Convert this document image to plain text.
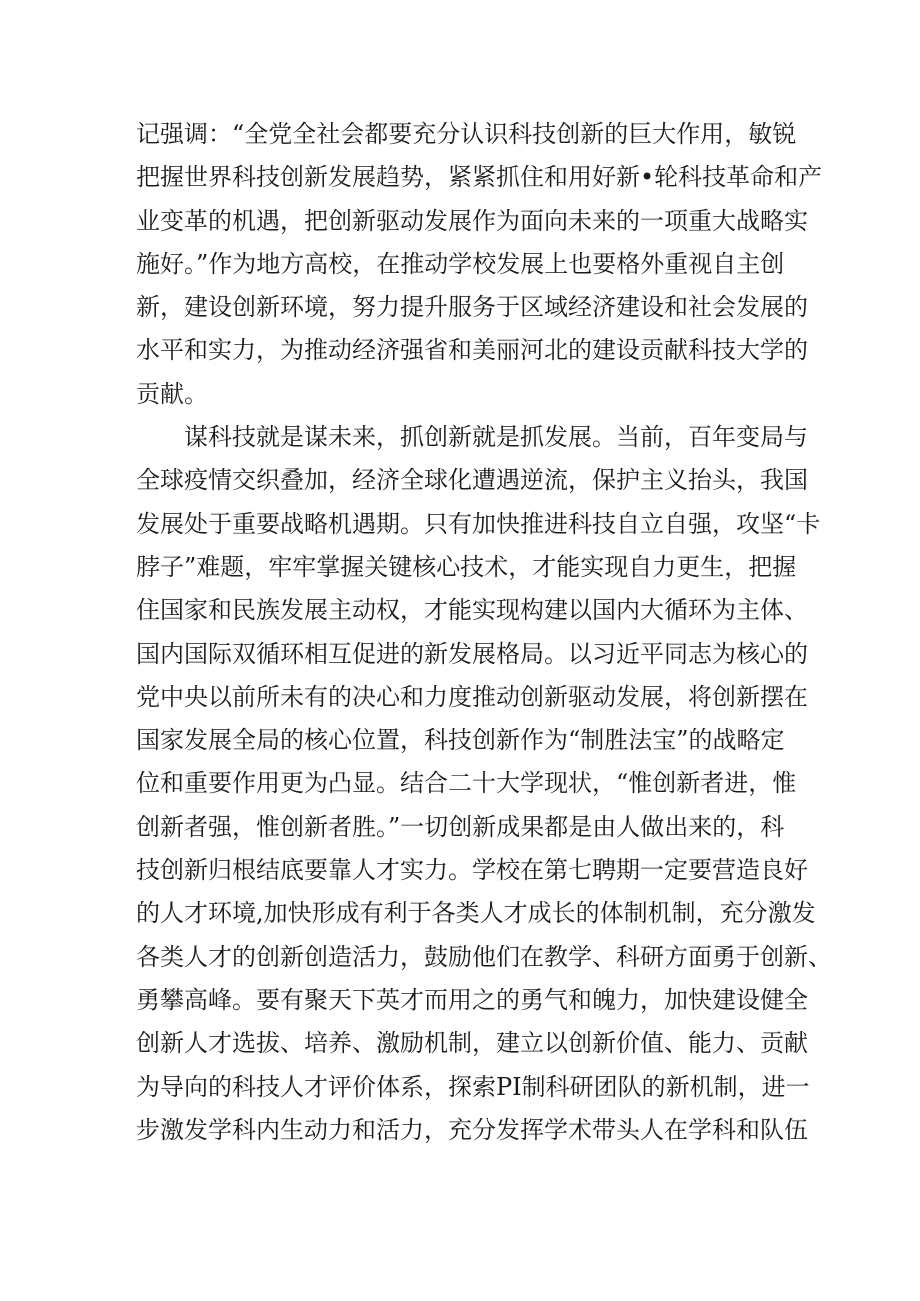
记强调：“全党全社会都要充分认识科技创新的巨大作用，敏锐
把握世界科技创新发展趋势，紧紧抓住和用好新•轮科技革命和产
业变革的机遇，把创新驱动发展作为面向未来的一项重大战略实
施好。”作为地方高校，在推动学校发展上也要格外重视自主创
新，建设创新环境，努力提升服务于区域经济建设和社会发展的
水平和实力，为推动经济强省和美丽河北的建设贡献科技大学的
贡献。
　　谋科技就是谋未来，抓创新就是抓发展。当前，百年变局与
全球疫情交织叠加，经济全球化遭遇逆流，保护主义抬头，我国
发展处于重要战略机遇期。只有加快推进科技自立自强，攻坚“卡
脖子”难题，牢牢掌握关键核心技术，才能实现自力更生，把握
住国家和民族发展主动权，才能实现构建以国内大循环为主体、
国内国际双循环相互促进的新发展格局。以习近平同志为核心的
党中央以前所未有的决心和力度推动创新驱动发展，将创新摆在
国家发展全局的核心位置，科技创新作为“制胜法宝”的战略定
位和重要作用更为凸显。结合二十大学现状，“惟创新者进，惟
创新者强，惟创新者胜。”一切创新成果都是由人做出来的，科
技创新归根结底要靠人才实力。学校在第七聘期一定要营造良好
的人才环境,加快形成有利于各类人才成长的体制机制，充分激发
各类人才的创新创造活力，鼓励他们在教学、科研方面勇于创新、
勇攀高峰。要有聚天下英才而用之的勇气和魄力，加快建设健全
创新人才选拔、培养、激励机制，建立以创新价值、能力、贡献
为导向的科技人才评价体系，探索PI制科研团队的新机制，进一
步激发学科内生动力和活力，充分发挥学术带头人在学科和队伍
